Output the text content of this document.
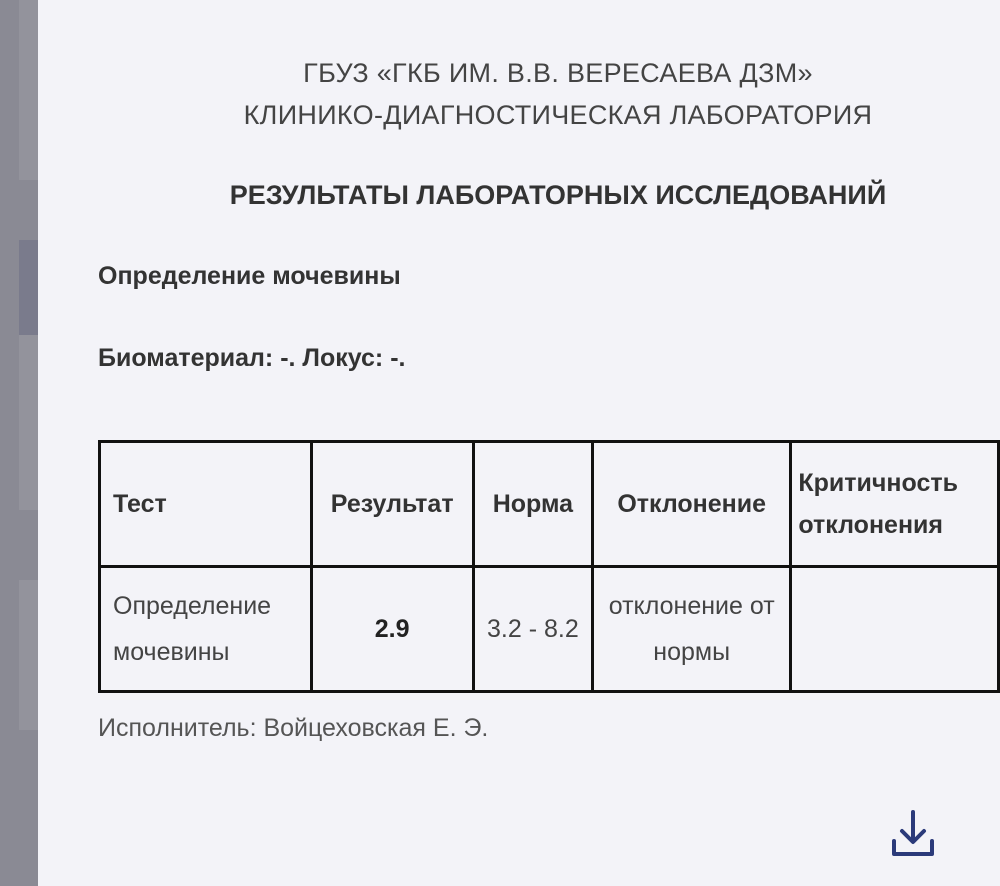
ГБУЗ «ГКБ ИМ. В.В. ВЕРЕСАЕВА ДЗМ»
КЛИНИКО-ДИАГНОСТИЧЕСКАЯ ЛАБОРАТОРИЯ
РЕЗУЛЬТАТЫ ЛАБОРАТОРНЫХ ИССЛЕДОВАНИЙ
Определение мочевины
Биоматериал: -. Локус: -.
Тест	Результат	Норма	Отклонение	Критичность отклонения
Определение мочевины	2.9	3.2 - 8.2	отклонение от нормы	
Исполнитель: Войцеховская Е. Э.
